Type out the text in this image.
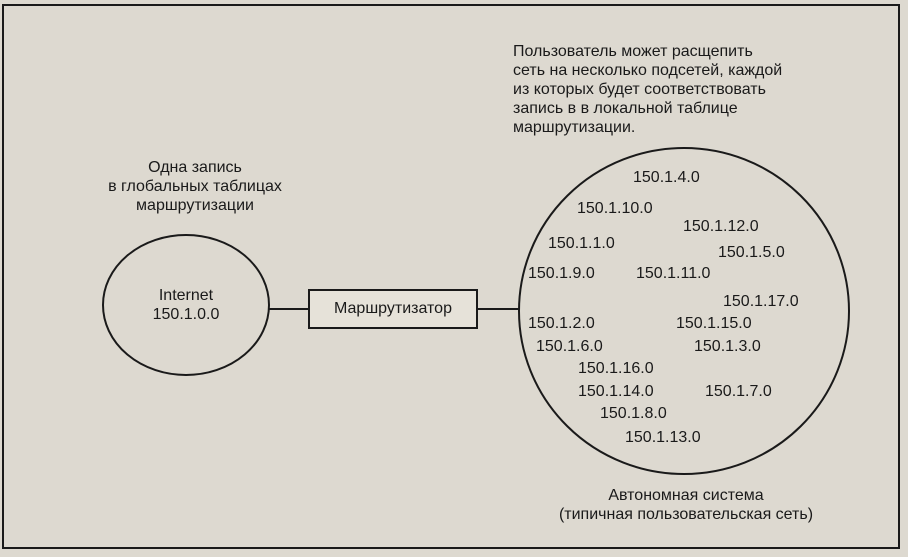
Одна запись
в глобальных таблицах
маршрутизации
Пользователь может расщепить
сеть на несколько подсетей, каждой
из которых будет соответствовать
запись в в локальной таблице
маршрутизации.
Internet
150.1.0.0	Маршрутизатор
150.1.4.0
150.1.10.0
150.1.12.0
150.1.1.0
150.1.5.0
150.1.9.0	150.1.11.0
150.1.17.0
150.1.2.0	150.1.15.0
150.1.6.0	150.1.3.0
150.1.16.0
150.1.14.0	150.1.7.0
150.1.8.0
150.1.13.0
Автономная система
(типичная пользовательская сеть)
